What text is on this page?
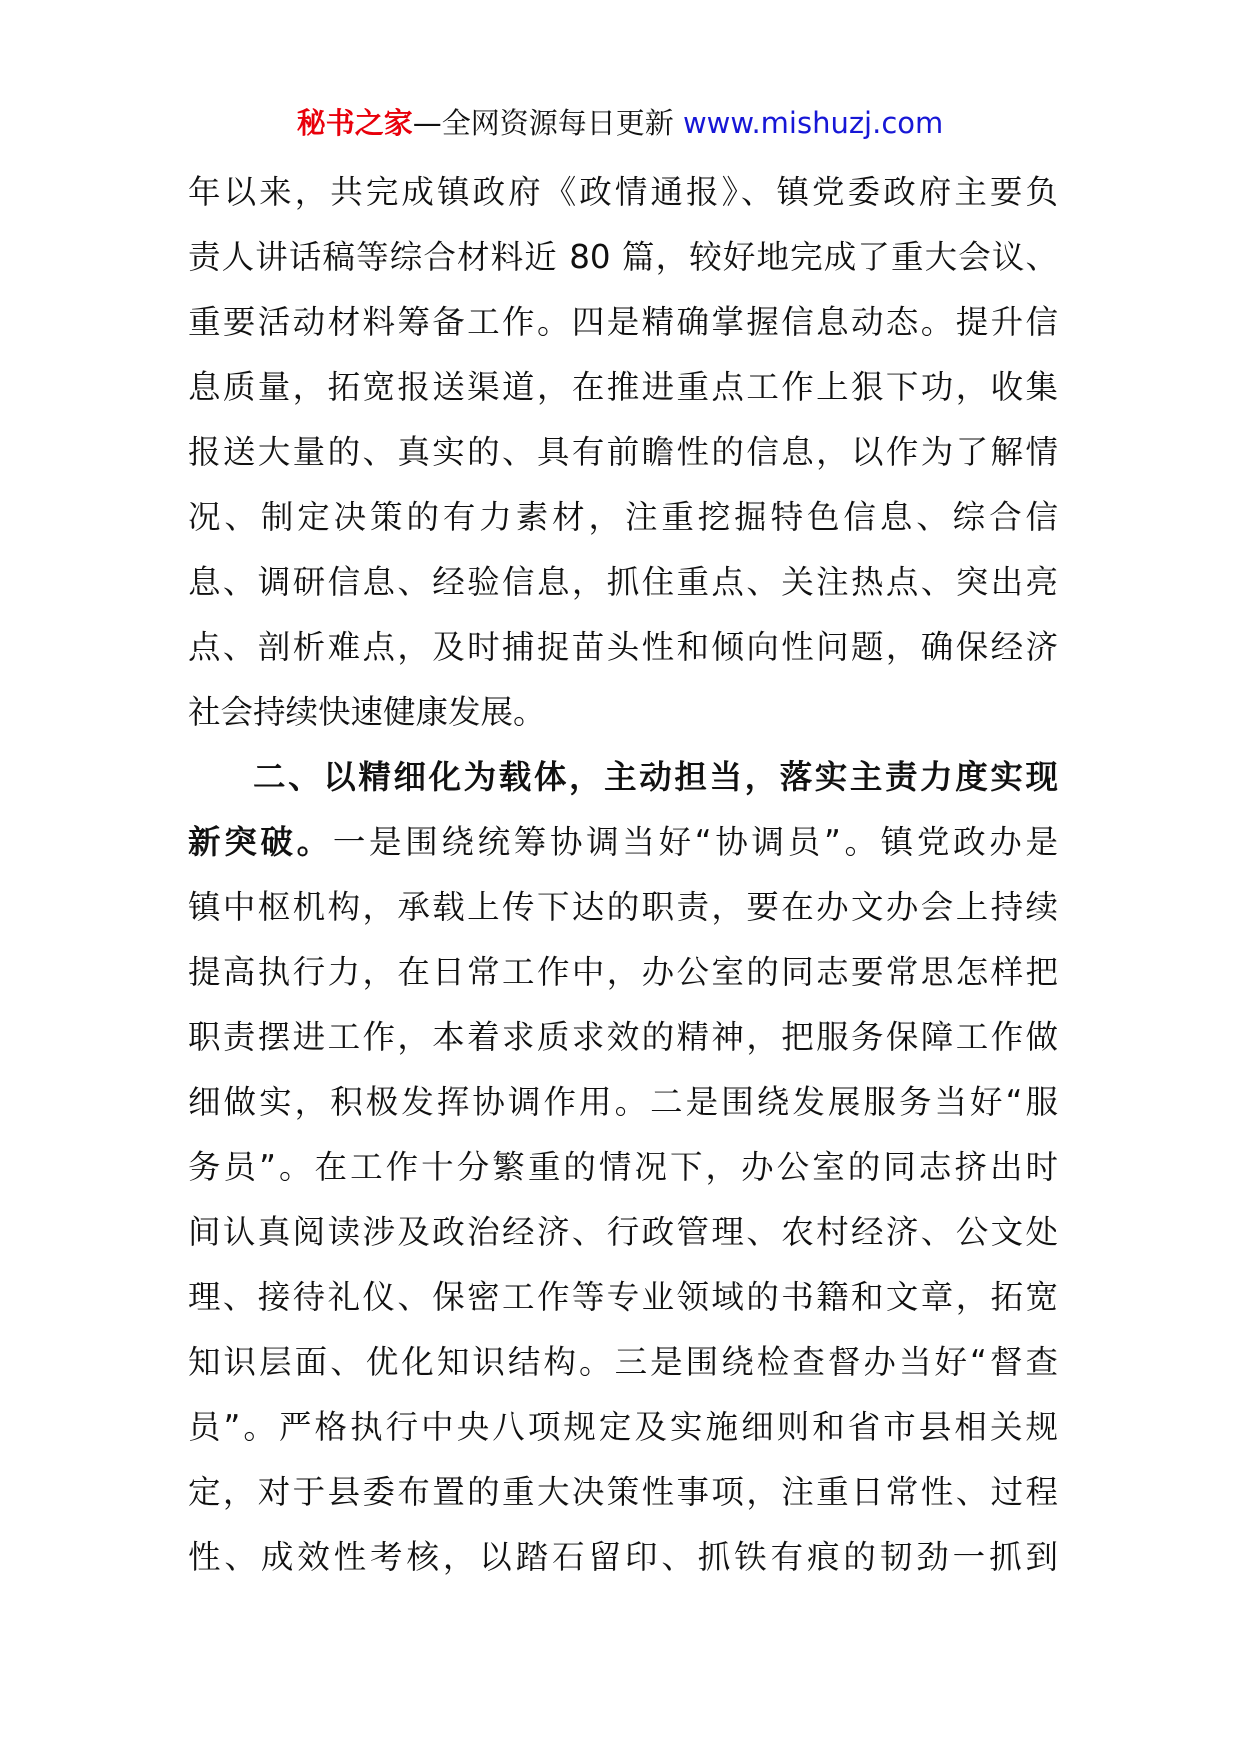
秘书之家—全网资源每日更新 www.mishuzj.com
年以来，共完成镇政府《政情通报》、镇党委政府主要负
责人讲话稿等综合材料近 80 篇，较好地完成了重大会议、
重要活动材料筹备工作。四是精确掌握信息动态。提升信
息质量，拓宽报送渠道，在推进重点工作上狠下功，收集
报送大量的、真实的、具有前瞻性的信息，以作为了解情
况、制定决策的有力素材，注重挖掘特色信息、综合信
息、调研信息、经验信息，抓住重点、关注热点、突出亮
点、剖析难点，及时捕捉苗头性和倾向性问题，确保经济
社会持续快速健康发展。
二、以精细化为载体，主动担当，落实主责力度实现
新突破。一是围绕统筹协调当好“协调员”。镇党政办是
镇中枢机构，承载上传下达的职责，要在办文办会上持续
提高执行力，在日常工作中，办公室的同志要常思怎样把
职责摆进工作，本着求质求效的精神，把服务保障工作做
细做实，积极发挥协调作用。二是围绕发展服务当好“服
务员”。在工作十分繁重的情况下，办公室的同志挤出时
间认真阅读涉及政治经济、行政管理、农村经济、公文处
理、接待礼仪、保密工作等专业领域的书籍和文章，拓宽
知识层面、优化知识结构。三是围绕检查督办当好“督查
员”。严格执行中央八项规定及实施细则和省市县相关规
定，对于县委布置的重大决策性事项，注重日常性、过程
性、成效性考核，以踏石留印、抓铁有痕的韧劲一抓到
